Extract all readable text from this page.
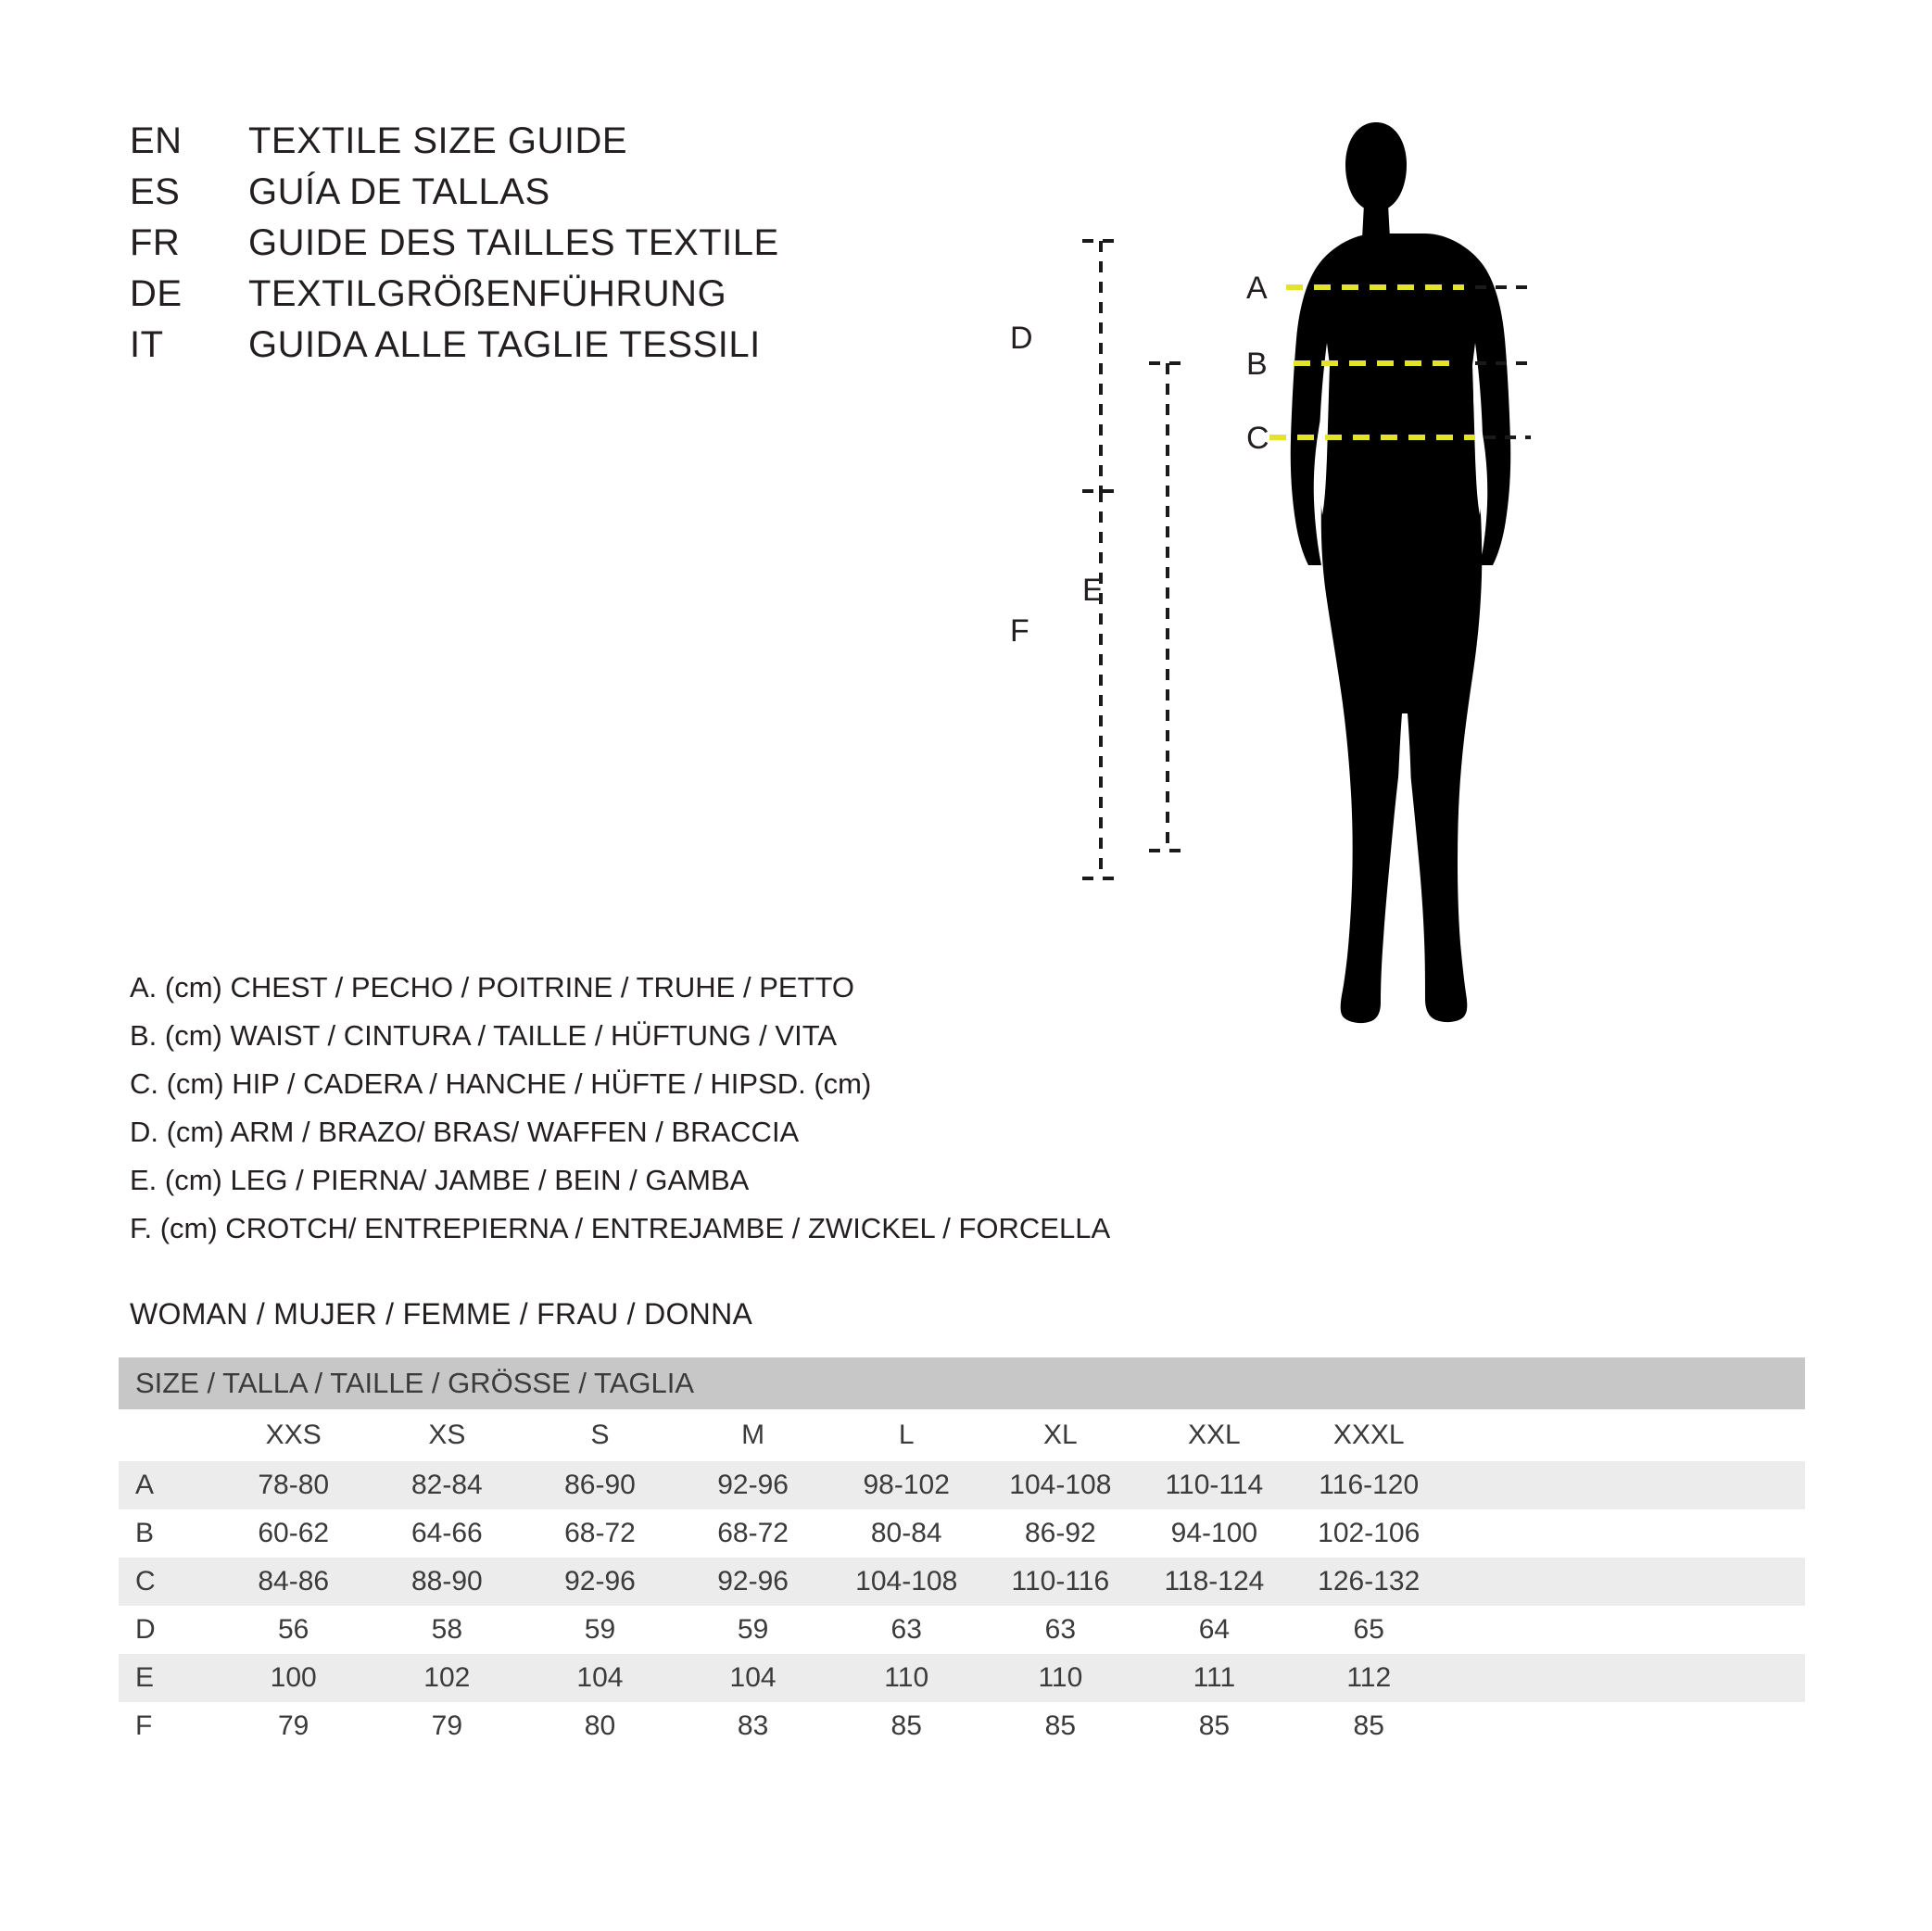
EN	TEXTILE SIZE GUIDE
ES	GUÍA DE TALLAS
FR	GUIDE DES TAILLES TEXTILE
DE	TEXTILGRÖßENFÜHRUNG
IT	GUIDA ALLE TAGLIE TESSILI
A. (cm) CHEST / PECHO / POITRINE / TRUHE / PETTO
B. (cm) WAIST / CINTURA / TAILLE / HÜFTUNG / VITA
C. (cm) HIP / CADERA / HANCHE / HÜFTE / HIPSD. (cm)
D. (cm) ARM / BRAZO/ BRAS/ WAFFEN / BRACCIA
E. (cm) LEG / PIERNA/ JAMBE / BEIN / GAMBA
F. (cm) CROTCH/ ENTREPIERNA / ENTREJAMBE / ZWICKEL / FORCELLA
WOMAN / MUJER / FEMME / FRAU / DONNA
SIZE / TALLA / TAILLE / GRÖSSE / TAGLIA									
	XXS	XS	S	M	L	XL	XXL	XXXL	
A	78-80	82-84	86-90	92-96	98-102	104-108	110-114	116-120	
B	60-62	64-66	68-72	68-72	80-84	86-92	94-100	102-106	
C	84-86	88-90	92-96	92-96	104-108	110-116	118-124	126-132	
D	56	58	59	59	63	63	64	65	
E	100	102	104	104	110	110	111	112	
F	79	79	80	83	85	85	85	85	
A
B
C
D
E
F
